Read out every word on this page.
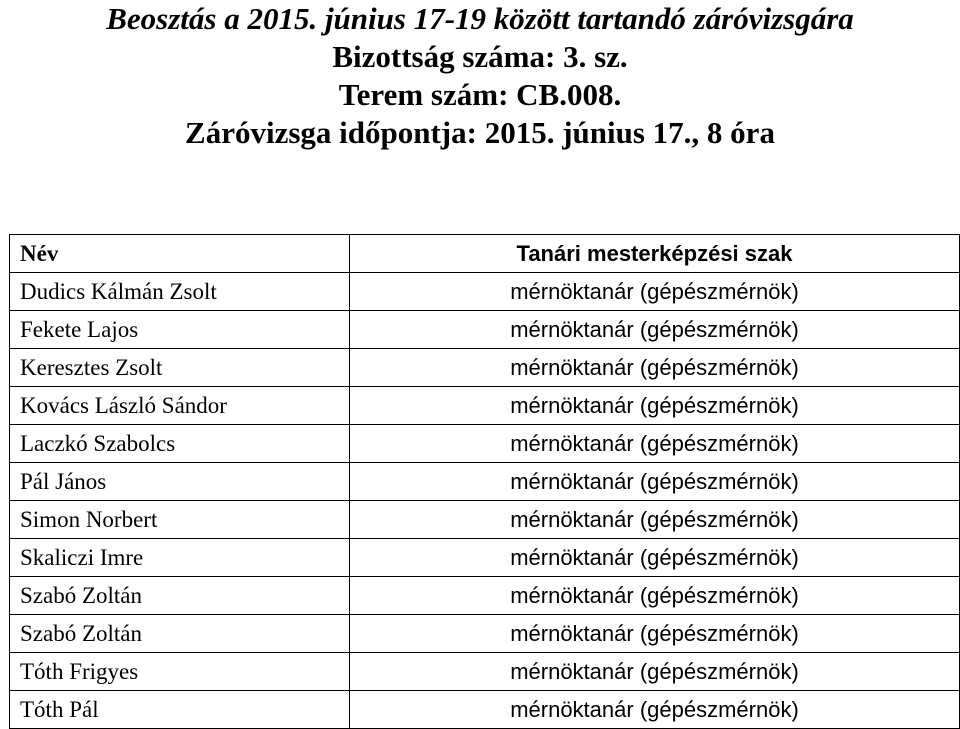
Beosztás a 2015. június 17-19 között tartandó záróvizsgára
Bizottság száma: 3. sz.
Terem szám: CB.008.
Záróvizsga időpontja: 2015. június 17., 8 óra
Név	Tanári mesterképzési szak
Dudics Kálmán Zsolt	mérnöktanár (gépészmérnök)
Fekete Lajos	mérnöktanár (gépészmérnök)
Keresztes Zsolt	mérnöktanár (gépészmérnök)
Kovács László Sándor	mérnöktanár (gépészmérnök)
Laczkó Szabolcs	mérnöktanár (gépészmérnök)
Pál János	mérnöktanár (gépészmérnök)
Simon Norbert	mérnöktanár (gépészmérnök)
Skaliczi Imre	mérnöktanár (gépészmérnök)
Szabó Zoltán	mérnöktanár (gépészmérnök)
Szabó Zoltán	mérnöktanár (gépészmérnök)
Tóth Frigyes	mérnöktanár (gépészmérnök)
Tóth Pál	mérnöktanár (gépészmérnök)
